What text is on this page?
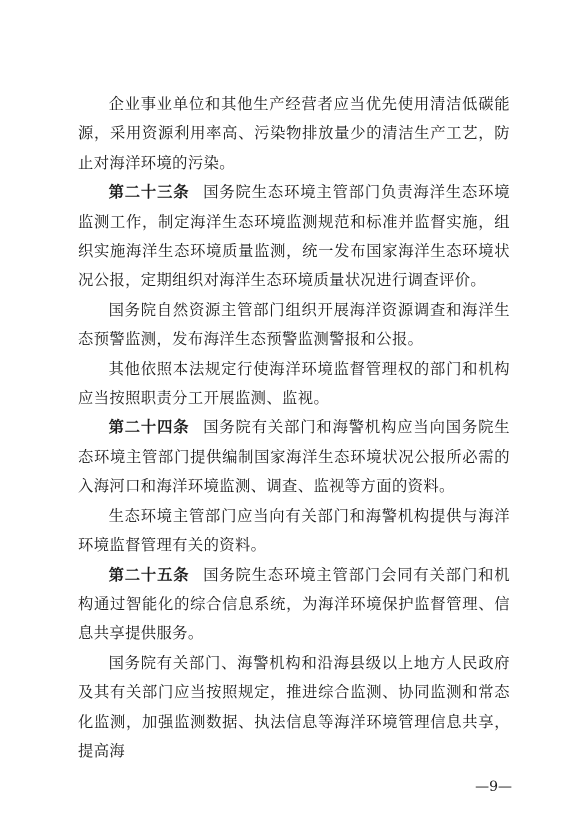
企业事业单位和其他生产经营者应当优先使用清洁低碳能源，采用资源利用率高、污染物排放量少的清洁生产工艺，防止对海洋环境的污染。

第二十三条 国务院生态环境主管部门负责海洋生态环境监测工作，制定海洋生态环境监测规范和标准并监督实施，组织实施海洋生态环境质量监测，统一发布国家海洋生态环境状况公报，定期组织对海洋生态环境质量状况进行调查评价。

国务院自然资源主管部门组织开展海洋资源调查和海洋生态预警监测，发布海洋生态预警监测警报和公报。

其他依照本法规定行使海洋环境监督管理权的部门和机构应当按照职责分工开展监测、监视。

第二十四条 国务院有关部门和海警机构应当向国务院生态环境主管部门提供编制国家海洋生态环境状况公报所必需的入海河口和海洋环境监测、调查、监视等方面的资料。

生态环境主管部门应当向有关部门和海警机构提供与海洋环境监督管理有关的资料。

第二十五条 国务院生态环境主管部门会同有关部门和机构通过智能化的综合信息系统，为海洋环境保护监督管理、信息共享提供服务。

国务院有关部门、海警机构和沿海县级以上地方人民政府及其有关部门应当按照规定，推进综合监测、协同监测和常态化监测，加强监测数据、执法信息等海洋环境管理信息共享，提高海

—9—
